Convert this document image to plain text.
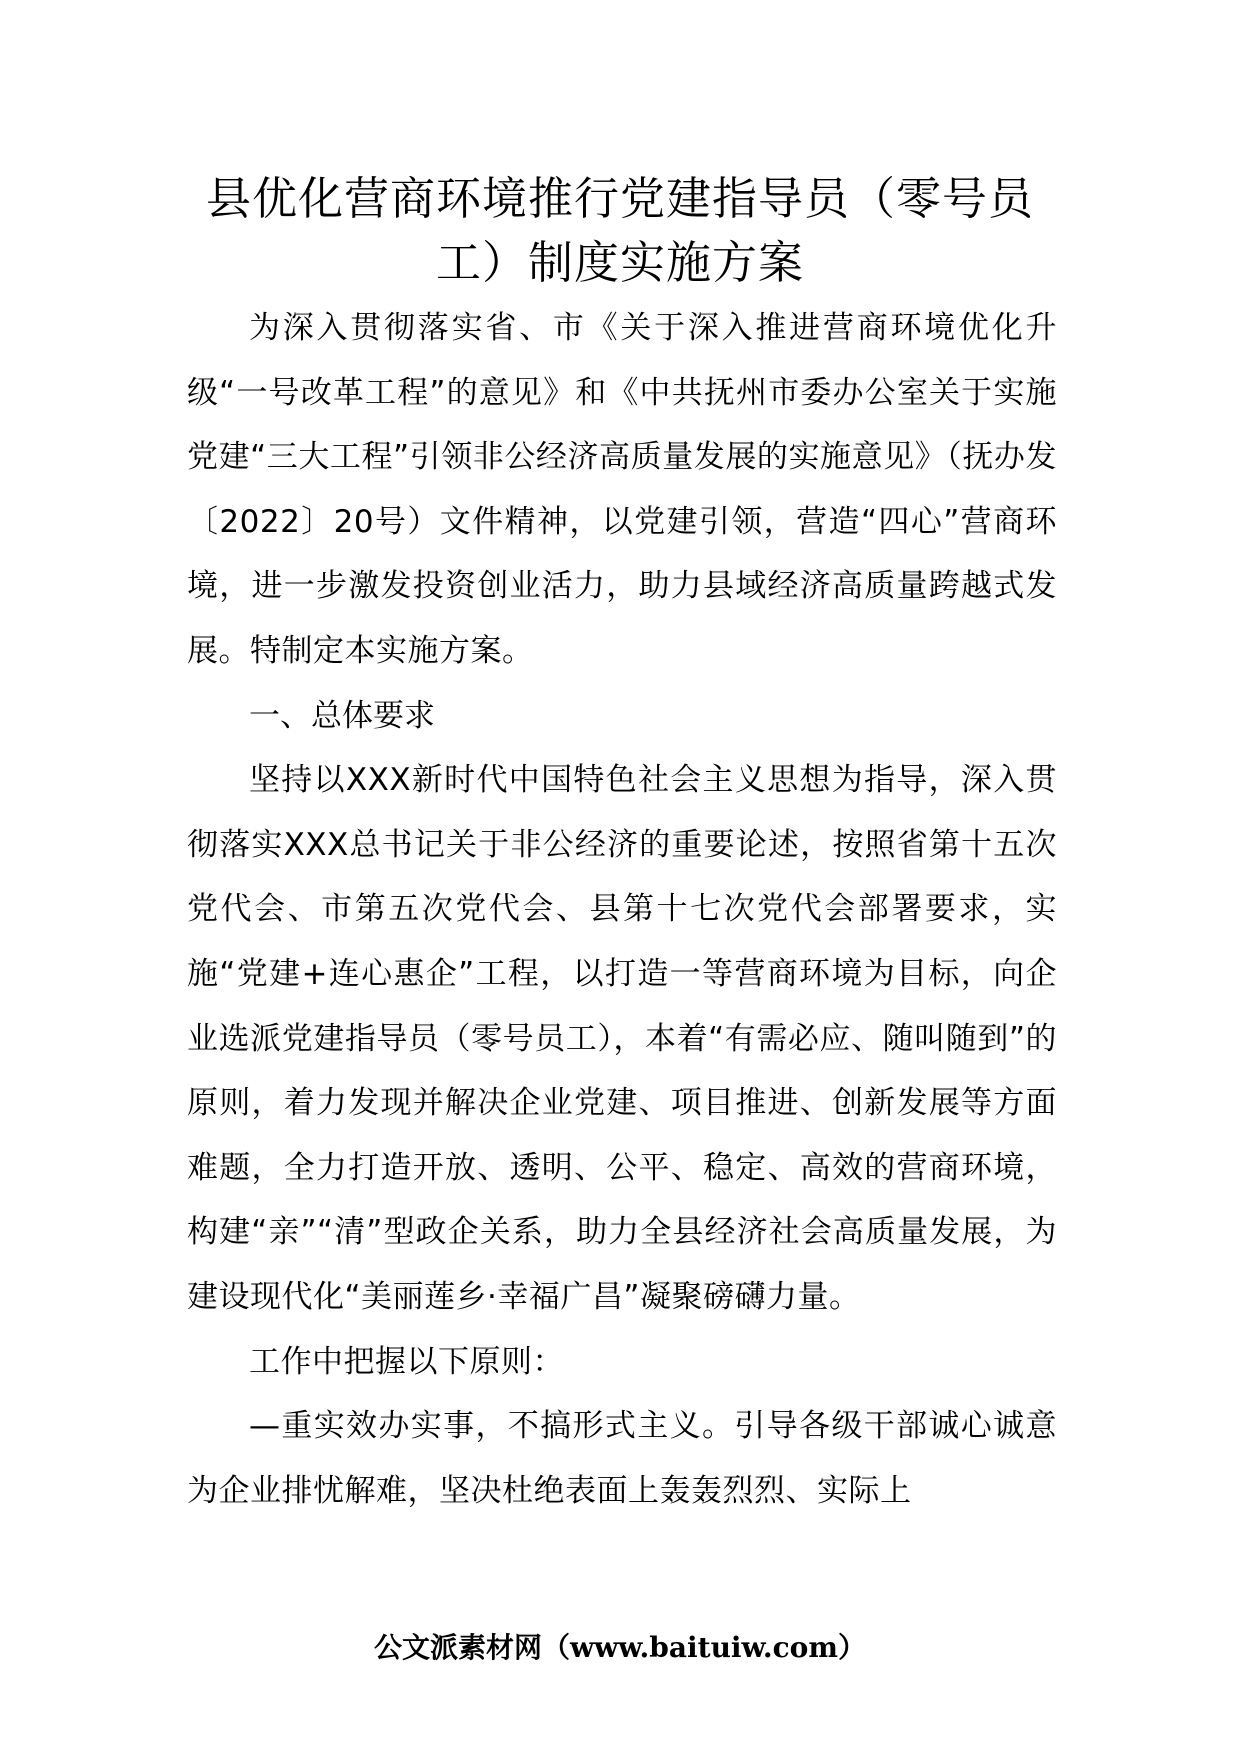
县优化营商环境推行党建指导员（零号员
工）制度实施方案

为深入贯彻落实省、市《关于深入推进营商环境优化升级“一号改革工程”的意见》和《中共抚州市委办公室关于实施党建“三大工程”引领非公经济高质量发展的实施意见》（抚办发〔2022〕20号）文件精神，以党建引领，营造“四心”营商环境，进一步激发投资创业活力，助力县域经济高质量跨越式发展。特制定本实施方案。

一、总体要求

坚持以XXX新时代中国特色社会主义思想为指导，深入贯彻落实XXX总书记关于非公经济的重要论述，按照省第十五次党代会、市第五次党代会、县第十七次党代会部署要求，实施“党建+连心惠企”工程，以打造一等营商环境为目标，向企业选派党建指导员（零号员工），本着“有需必应、随叫随到”的原则，着力发现并解决企业党建、项目推进、创新发展等方面难题，全力打造开放、透明、公平、稳定、高效的营商环境，构建“亲”“清”型政企关系，助力全县经济社会高质量发展，为建设现代化“美丽莲乡·幸福广昌”凝聚磅礴力量。

工作中把握以下原则：

—重实效办实事，不搞形式主义。引导各级干部诚心诚意为企业排忧解难，坚决杜绝表面上轰轰烈烈、实际上

公文派素材网（www.baituiw.com）
